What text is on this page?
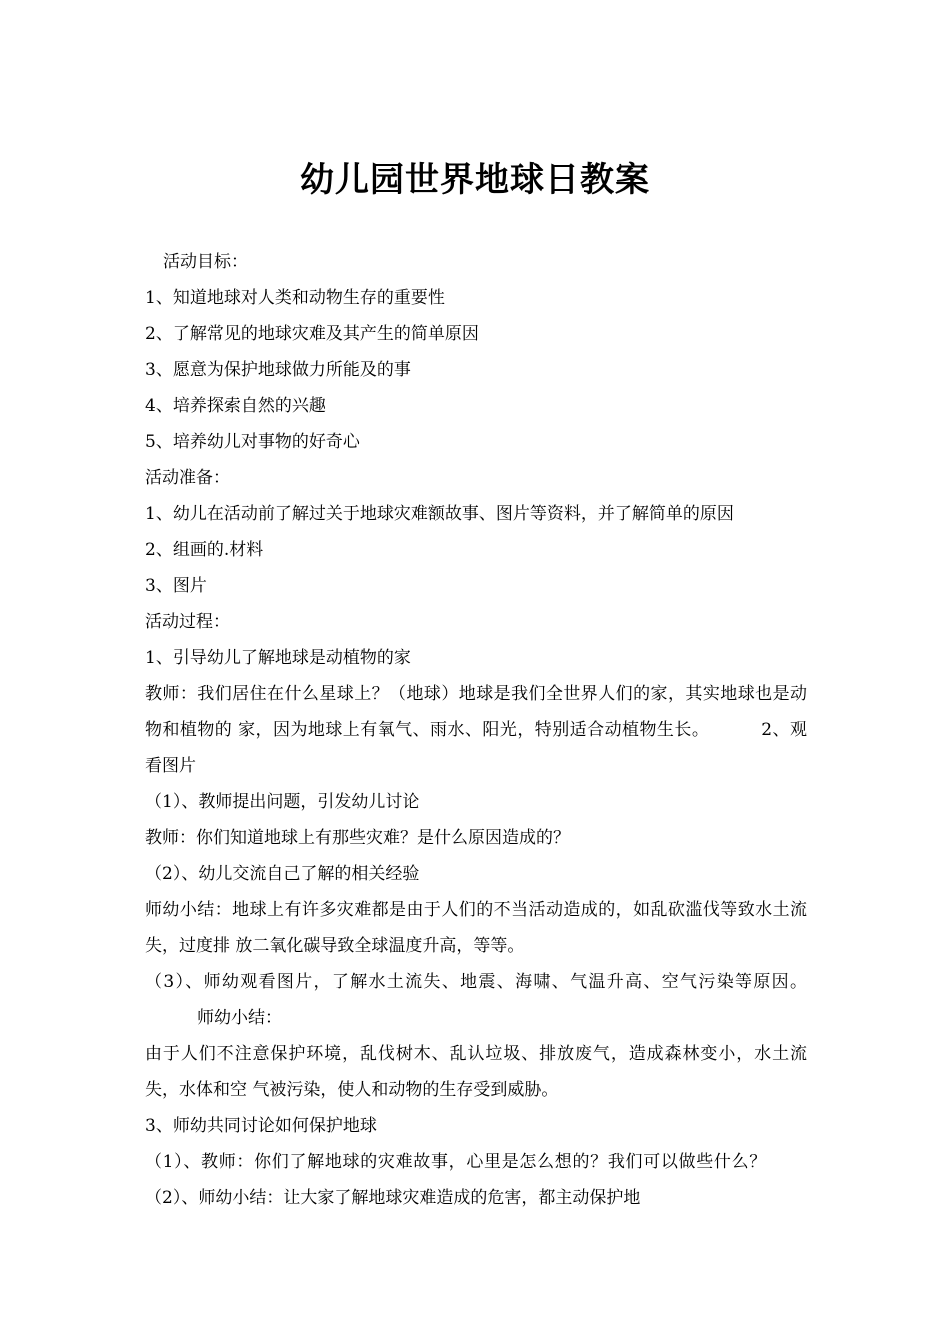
幼儿园世界地球日教案

活动目标：

1、知道地球对人类和动物生存的重要性

2、了解常见的地球灾难及其产生的简单原因

3、愿意为保护地球做力所能及的事

4、培养探索自然的兴趣

5、培养幼儿对事物的好奇心

活动准备：

1、幼儿在活动前了解过关于地球灾难额故事、图片等资料，并了解简单的原因

2、组画的.材料

3、图片

活动过程：

1、引导幼儿了解地球是动植物的家

教师：我们居住在什么星球上？（地球）地球是我们全世界人们的家，其实地球也是动物和植物的 家，因为地球上有氧气、雨水、阳光，特别适合动植物生长。	2、观看图片

（1）、教师提出问题，引发幼儿讨论

教师：你们知道地球上有那些灾难？是什么原因造成的？

（2）、幼儿交流自己了解的相关经验

师幼小结：地球上有许多灾难都是由于人们的不当活动造成的，如乱砍滥伐等致水土流失，过度排 放二氧化碳导致全球温度升高，等等。

（3）、师幼观看图片，了解水土流失、地震、海啸、气温升高、空气污染等原因。师幼小结：

由于人们不注意保护环境，乱伐树木、乱认垃圾、排放废气，造成森林变小，水土流失，水体和空 气被污染，使人和动物的生存受到威胁。

3、师幼共同讨论如何保护地球

（1）、教师：你们了解地球的灾难故事，心里是怎么想的？我们可以做些什么？（2）、师幼小结：让大家了解地球灾难造成的危害，都主动保护地
